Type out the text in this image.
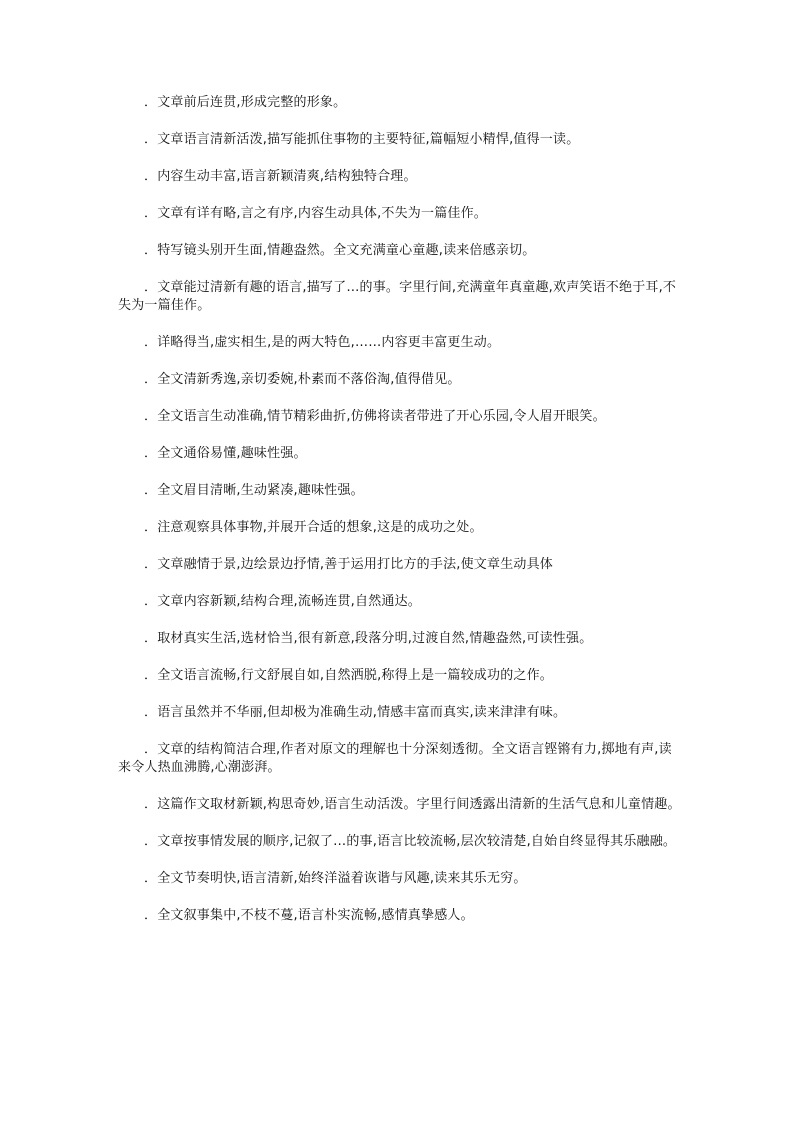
．文章前后连贯,形成完整的形象。

．文章语言清新活泼,描写能抓住事物的主要特征,篇幅短小精悍,值得一读。

．内容生动丰富,语言新颖清爽,结构独特合理。

．文章有详有略,言之有序,内容生动具体,不失为一篇佳作。

．特写镜头别开生面,情趣盎然。全文充满童心童趣,读来倍感亲切。

．文章能过清新有趣的语言,描写了…的事。字里行间,充满童年真童趣,欢声笑语不绝于耳,不失为一篇佳作。

．详略得当,虚实相生,是的两大特色,……内容更丰富更生动。

．全文清新秀逸,亲切委婉,朴素而不落俗淘,值得借见。

．全文语言生动准确,情节精彩曲折,仿佛将读者带进了开心乐园,令人眉开眼笑。

．全文通俗易懂,趣味性强。

．全文眉目清晰,生动紧凑,趣味性强。

．注意观察具体事物,并展开合适的想象,这是的成功之处。

．文章融情于景,边绘景边抒情,善于运用打比方的手法,使文章生动具体

．文章内容新颖,结构合理,流畅连贯,自然通达。

．取材真实生活,选材恰当,很有新意,段落分明,过渡自然,情趣盎然,可读性强。

．全文语言流畅,行文舒展自如,自然洒脱,称得上是一篇较成功的之作。

．语言虽然并不华丽,但却极为准确生动,情感丰富而真实,读来津津有味。

．文章的结构简洁合理,作者对原文的理解也十分深刻透彻。全文语言铿锵有力,掷地有声,读来令人热血沸腾,心潮澎湃。

．这篇作文取材新颖,构思奇妙,语言生动活泼。字里行间透露出清新的生活气息和儿童情趣。

．文章按事情发展的顺序,记叙了…的事,语言比较流畅,层次较清楚,自始自终显得其乐融融。

．全文节奏明快,语言清新,始终洋溢着诙谐与风趣,读来其乐无穷。

．全文叙事集中,不枝不蔓,语言朴实流畅,感情真挚感人。
